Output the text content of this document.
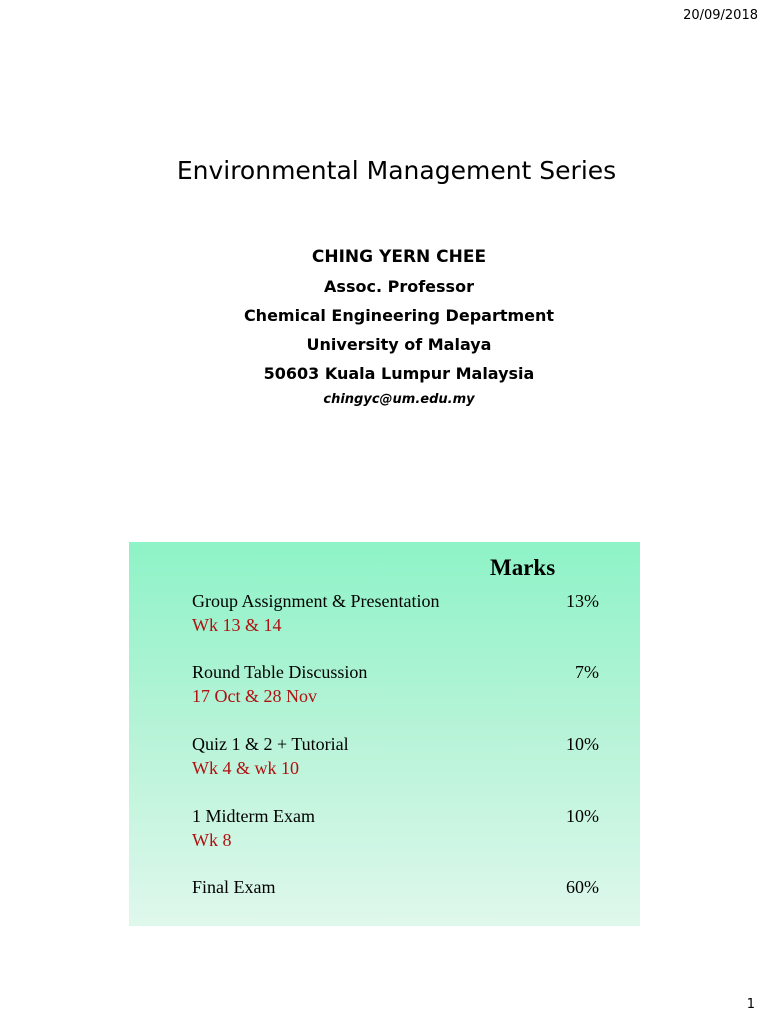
20/09/2018
Environmental Management Series
CHING YERN CHEE
Assoc. Professor
Chemical Engineering Department
University of Malaya
50603 Kuala Lumpur Malaysia
chingyc@um.edu.my
Marks
Group Assignment & Presentation
Wk 13 & 14
13%
Round Table Discussion
17 Oct & 28 Nov
7%
Quiz 1 & 2 + Tutorial
Wk 4 & wk 10
10%
1 Midterm Exam
Wk 8
10%
Final Exam	60%
1
